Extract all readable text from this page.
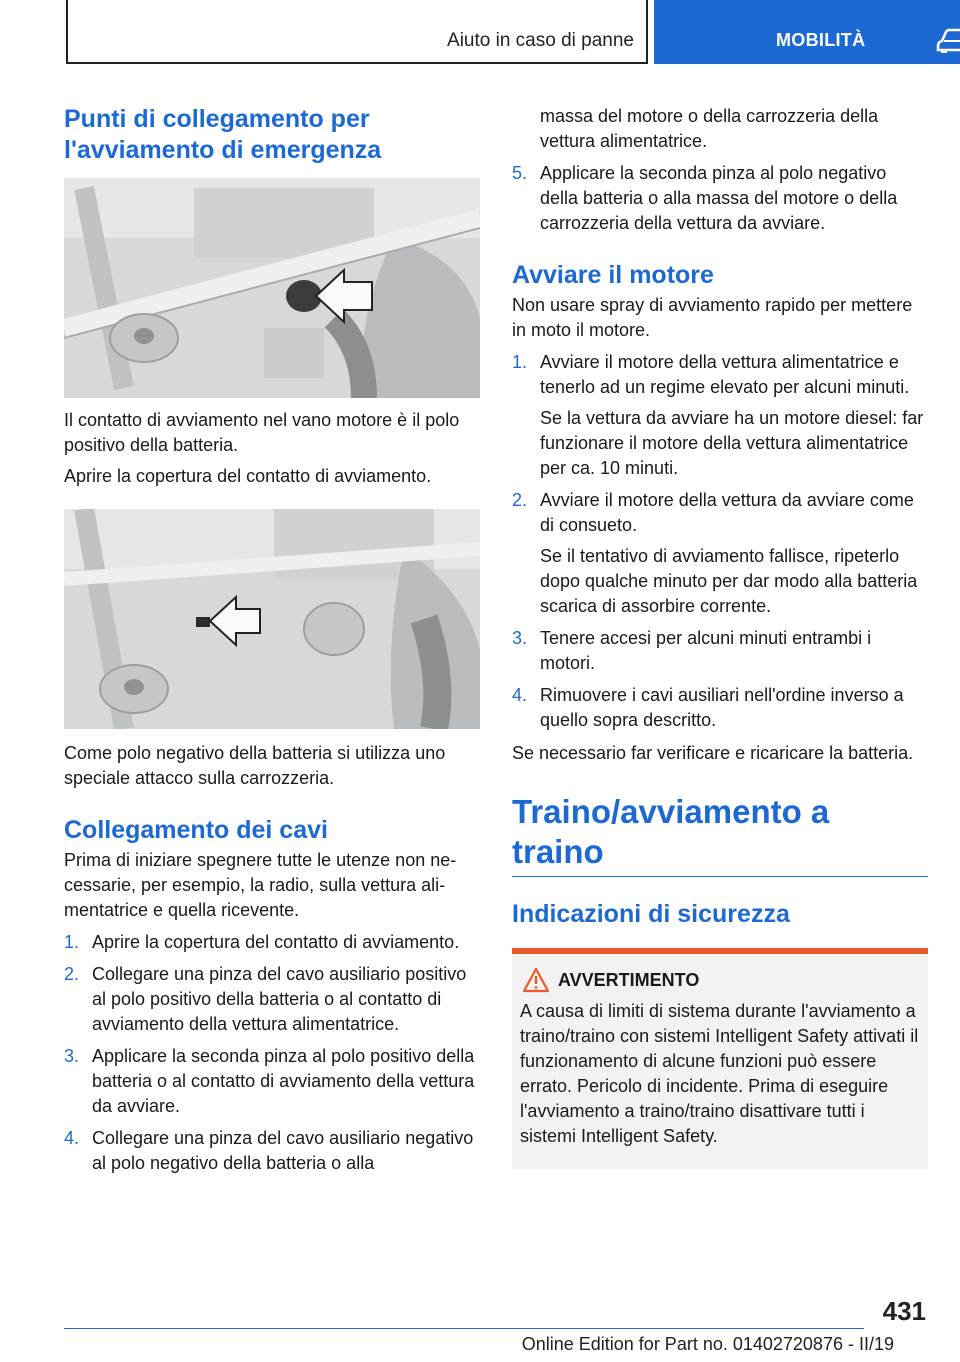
Aiuto in caso di panne	MOBILITÀ
Punti di collegamento per l'avviamento di emergenza

Il contatto di avviamento nel vano motore è il polo positivo della batteria.

Aprire la copertura del contatto di avviamento.

Come polo negativo della batteria si utilizza uno speciale attacco sulla carrozzeria.

Collegamento dei cavi

Prima di iniziare spegnere tutte le utenze non necessarie, per esempio, la radio, sulla vettura alimentatrice e quella ricevente.

1. Aprire la copertura del contatto di avviamento.
2. Collegare una pinza del cavo ausiliario positivo al polo positivo della batteria o al contatto di avviamento della vettura alimentatrice.
3. Applicare la seconda pinza al polo positivo della batteria o al contatto di avviamento della vettura da avviare.
4. Collegare una pinza del cavo ausiliario negativo al polo negativo della batteria o alla

massa del motore o della carrozzeria della vettura alimentatrice.

5. Applicare la seconda pinza al polo negativo della batteria o alla massa del motore o della carrozzeria della vettura da avviare.
Avviare il motore

Non usare spray di avviamento rapido per mettere in moto il motore.

1. Avviare il motore della vettura alimentatrice e tenerlo ad un regime elevato per alcuni minuti.
Se la vettura da avviare ha un motore diesel: far funzionare il motore della vettura alimentatrice per ca. 10 minuti.
2. Avviare il motore della vettura da avviare come di consueto.
Se il tentativo di avviamento fallisce, ripeterlo dopo qualche minuto per dar modo alla batteria scarica di assorbire corrente.
3. Tenere accesi per alcuni minuti entrambi i motori.
4. Rimuovere i cavi ausiliari nell'ordine inverso a quello sopra descritto.

Se necessario far verificare e ricaricare la batteria.

Traino/avviamento a traino
Indicazioni di sicurezza
AVVERTIMENTO

A causa di limiti di sistema durante l'avviamento a traino/traino con sistemi Intelligent Safety attivati il funzionamento di alcune funzioni può essere errato. Pericolo di incidente. Prima di eseguire l'avviamento a traino/traino disattivare tutti i sistemi Intelligent Safety.

431
Online Edition for Part no. 01402720876 - II/19
